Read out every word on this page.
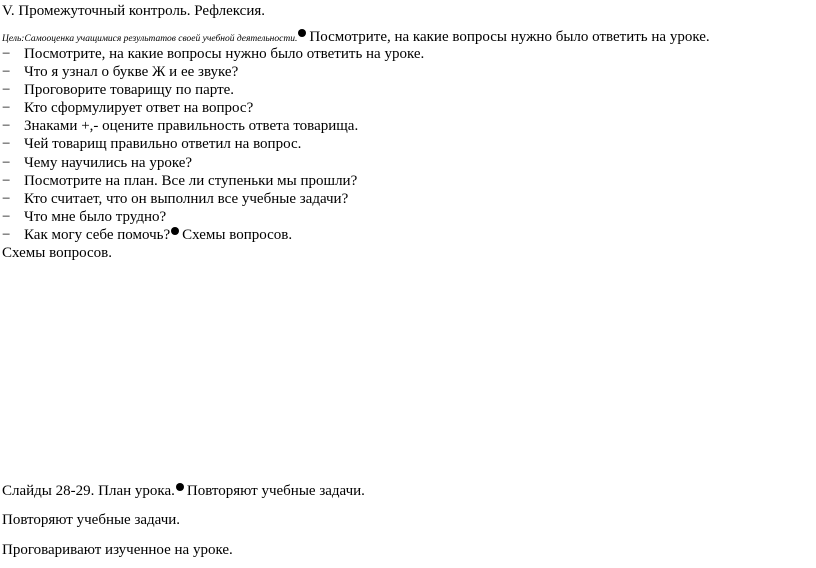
V. Промежуточный контроль. Рефлексия.
Цель:Самооценка учащимися результатов своей учебной деятельности. Посмотрите, на какие вопросы нужно было ответить на уроке.
− Посмотрите, на какие вопросы нужно было ответить на уроке.
− Что я узнал о букве Ж и ее звуке?
− Проговорите товарищу по парте.
− Кто сформулирует ответ на вопрос?
− Знаками +,- оцените правильность ответа товарища.
− Чей товарищ правильно ответил на вопрос.
− Чему научились на уроке?
− Посмотрите на план. Все ли ступеньки мы прошли?
− Кто считает, что он выполнил все учебные задачи?
− Что мне было трудно?
− Как могу себе помочь? Схемы вопросов.
Схемы вопросов.
Слайды 28-29. План урока. Повторяют учебные задачи.
Повторяют учебные задачи.
Проговаривают изученное на уроке.
